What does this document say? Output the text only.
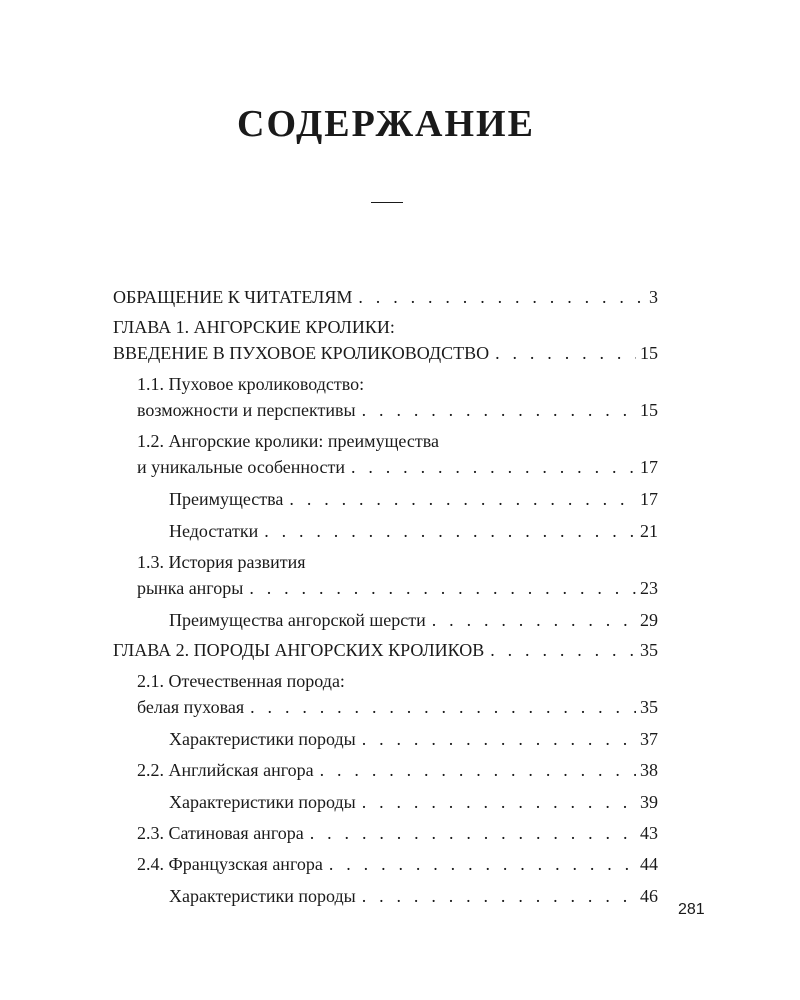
СОДЕРЖАНИЕ
ОБРАЩЕНИЕ К ЧИТАТЕЛЯМ . . .	3
ГЛАВА 1. АНГОРСКИЕ КРОЛИКИ:
ВВЕДЕНИЕ В ПУХОВОЕ КРОЛИКОВОДСТВО . . .	15
1.1. Пуховое кролиководство:
возможности и перспективы . . .	15
1.2. Ангорские кролики: преимущества
и уникальные особенности . . .	17
Преимущества . . .	17
Недостатки . . .	21
1.3. История развития
рынка ангоры . . .	23
Преимущества ангорской шерсти . . .	29
ГЛАВА 2. ПОРОДЫ АНГОРСКИХ КРОЛИКОВ . . .	35
2.1. Отечественная порода:
белая пуховая . . .	35
Характеристики породы . . .	37
2.2. Английская ангора . . .	38
Характеристики породы . . .	39
2.3. Сатиновая ангора . . .	43
2.4. Французская ангора . . .	44
Характеристики породы . . .	46
281
